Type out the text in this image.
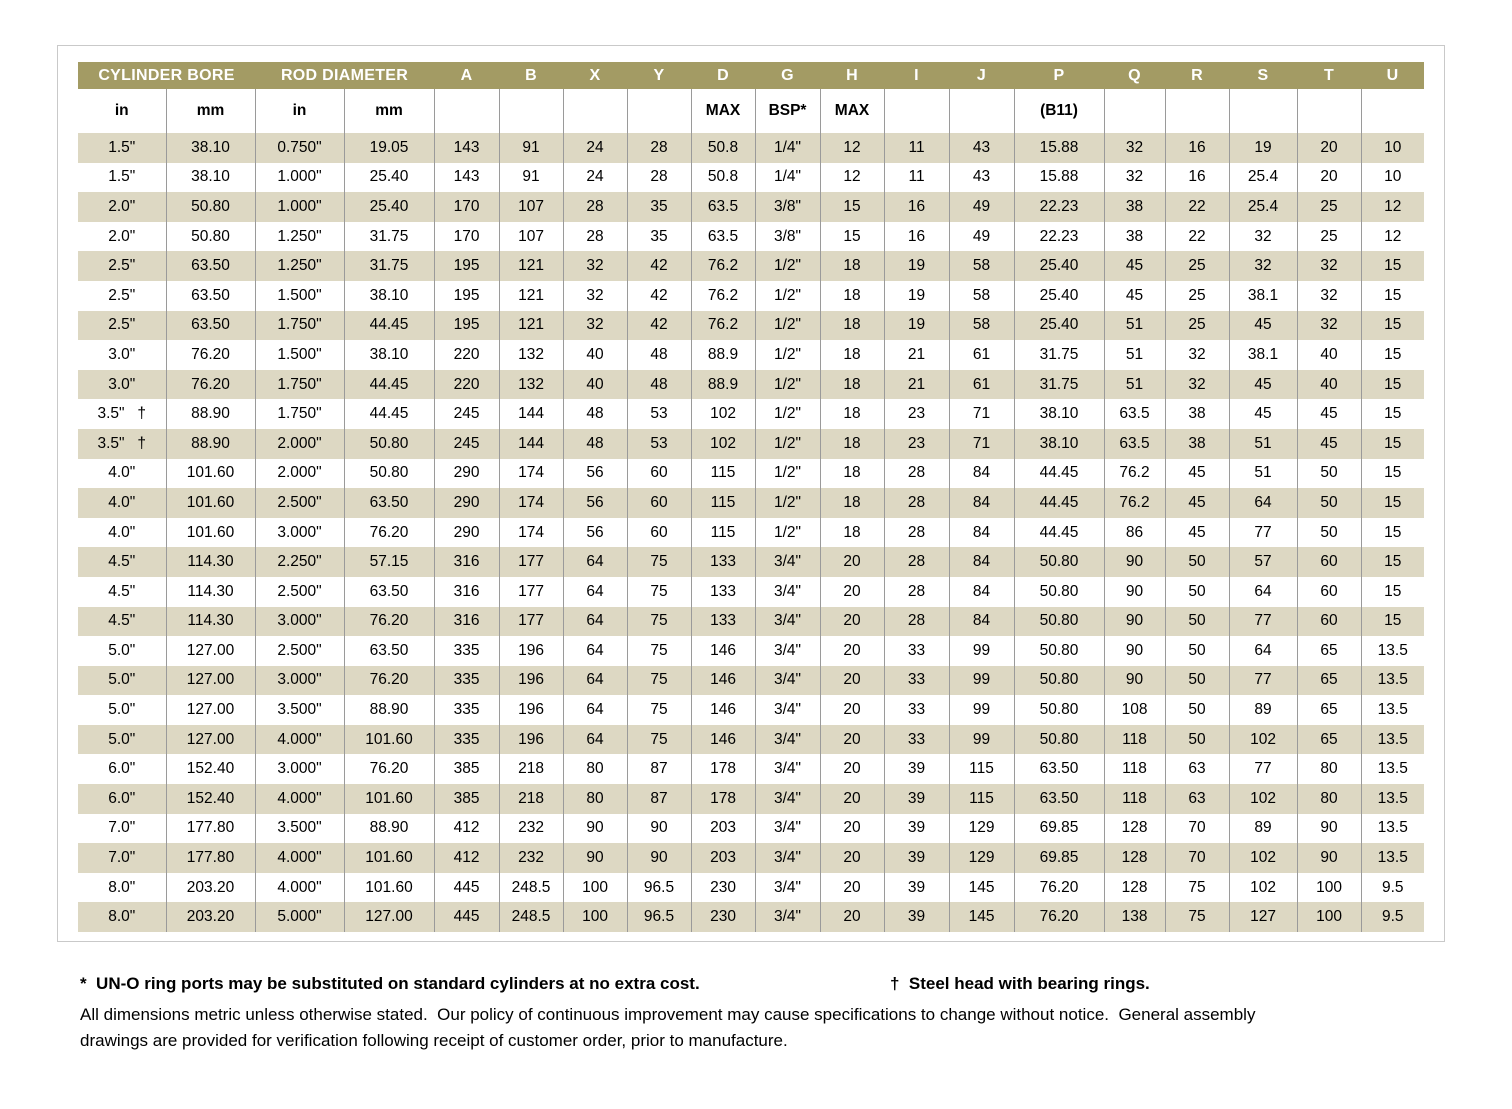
CYLINDER BORE		ROD DIAMETER		A	B	X	Y	D	G	H	I	J	P	Q	R	S	T	U
in	mm	in	mm					MAX	BSP*	MAX			(B11)					
1.5"	38.10	0.750"	19.05	143	91	24	28	50.8	1/4"	12	11	43	15.88	32	16	19	20	10
1.5"	38.10	1.000"	25.40	143	91	24	28	50.8	1/4"	12	11	43	15.88	32	16	25.4	20	10
2.0"	50.80	1.000"	25.40	170	107	28	35	63.5	3/8"	15	16	49	22.23	38	22	25.4	25	12
2.0"	50.80	1.250"	31.75	170	107	28	35	63.5	3/8"	15	16	49	22.23	38	22	32	25	12
2.5"	63.50	1.250"	31.75	195	121	32	42	76.2	1/2"	18	19	58	25.40	45	25	32	32	15
2.5"	63.50	1.500"	38.10	195	121	32	42	76.2	1/2"	18	19	58	25.40	45	25	38.1	32	15
2.5"	63.50	1.750"	44.45	195	121	32	42	76.2	1/2"	18	19	58	25.40	51	25	45	32	15
3.0"	76.20	1.500"	38.10	220	132	40	48	88.9	1/2"	18	21	61	31.75	51	32	38.1	40	15
3.0"	76.20	1.750"	44.45	220	132	40	48	88.9	1/2"	18	21	61	31.75	51	32	45	40	15
3.5"   †	88.90	1.750"	44.45	245	144	48	53	102	1/2"	18	23	71	38.10	63.5	38	45	45	15
3.5"   †	88.90	2.000"	50.80	245	144	48	53	102	1/2"	18	23	71	38.10	63.5	38	51	45	15
4.0"	101.60	2.000"	50.80	290	174	56	60	115	1/2"	18	28	84	44.45	76.2	45	51	50	15
4.0"	101.60	2.500"	63.50	290	174	56	60	115	1/2"	18	28	84	44.45	76.2	45	64	50	15
4.0"	101.60	3.000"	76.20	290	174	56	60	115	1/2"	18	28	84	44.45	86	45	77	50	15
4.5"	114.30	2.250"	57.15	316	177	64	75	133	3/4"	20	28	84	50.80	90	50	57	60	15
4.5"	114.30	2.500"	63.50	316	177	64	75	133	3/4"	20	28	84	50.80	90	50	64	60	15
4.5"	114.30	3.000"	76.20	316	177	64	75	133	3/4"	20	28	84	50.80	90	50	77	60	15
5.0"	127.00	2.500"	63.50	335	196	64	75	146	3/4"	20	33	99	50.80	90	50	64	65	13.5
5.0"	127.00	3.000"	76.20	335	196	64	75	146	3/4"	20	33	99	50.80	90	50	77	65	13.5
5.0"	127.00	3.500"	88.90	335	196	64	75	146	3/4"	20	33	99	50.80	108	50	89	65	13.5
5.0"	127.00	4.000"	101.60	335	196	64	75	146	3/4"	20	33	99	50.80	118	50	102	65	13.5
6.0"	152.40	3.000"	76.20	385	218	80	87	178	3/4"	20	39	115	63.50	118	63	77	80	13.5
6.0"	152.40	4.000"	101.60	385	218	80	87	178	3/4"	20	39	115	63.50	118	63	102	80	13.5
7.0"	177.80	3.500"	88.90	412	232	90	90	203	3/4"	20	39	129	69.85	128	70	89	90	13.5
7.0"	177.80	4.000"	101.60	412	232	90	90	203	3/4"	20	39	129	69.85	128	70	102	90	13.5
8.0"	203.20	4.000"	101.60	445	248.5	100	96.5	230	3/4"	20	39	145	76.20	128	75	102	100	9.5
8.0"	203.20	5.000"	127.00	445	248.5	100	96.5	230	3/4"	20	39	145	76.20	138	75	127	100	9.5
*  UN-O ring ports may be substituted on standard cylinders at no extra cost.	†  Steel head with bearing rings.
All dimensions metric unless otherwise stated.  Our policy of continuous improvement may cause specifications to change without notice.  General assembly
drawings are provided for verification following receipt of customer order, prior to manufacture.
